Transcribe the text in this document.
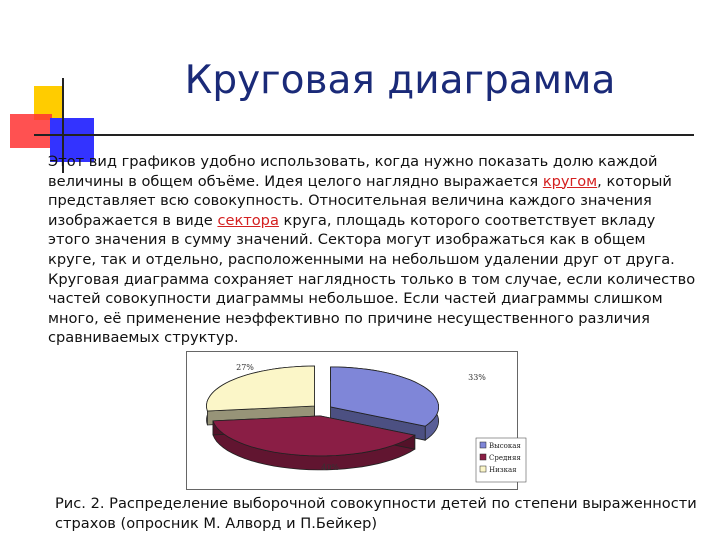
Круговая диаграмма

Этот вид графиков удобно использовать, когда нужно показать долю каждой величины в общем объёме. Идея целого наглядно выражается кругом, который представляет всю совокупность. Относительная величина каждого значения изображается в виде сектора круга, площадь которого соответствует вкладу этого значения в сумму значений. Сектора могут изображаться как в общем круге, так и отдельно, расположенными на небольшом удалении друг от друга.

Круговая диаграмма сохраняет наглядность только в том случае, если количество частей совокупности диаграммы небольшое. Если частей диаграммы слишком много, её применение неэффективно по причине несущественного различия сравниваемых структур.

33%
40%
27%
Высокая
Средняя
Низкая
Рис. 2. Распределение выборочной совокупности детей по степени выраженности страхов (опросник М. Алворд и П.Бейкер)
